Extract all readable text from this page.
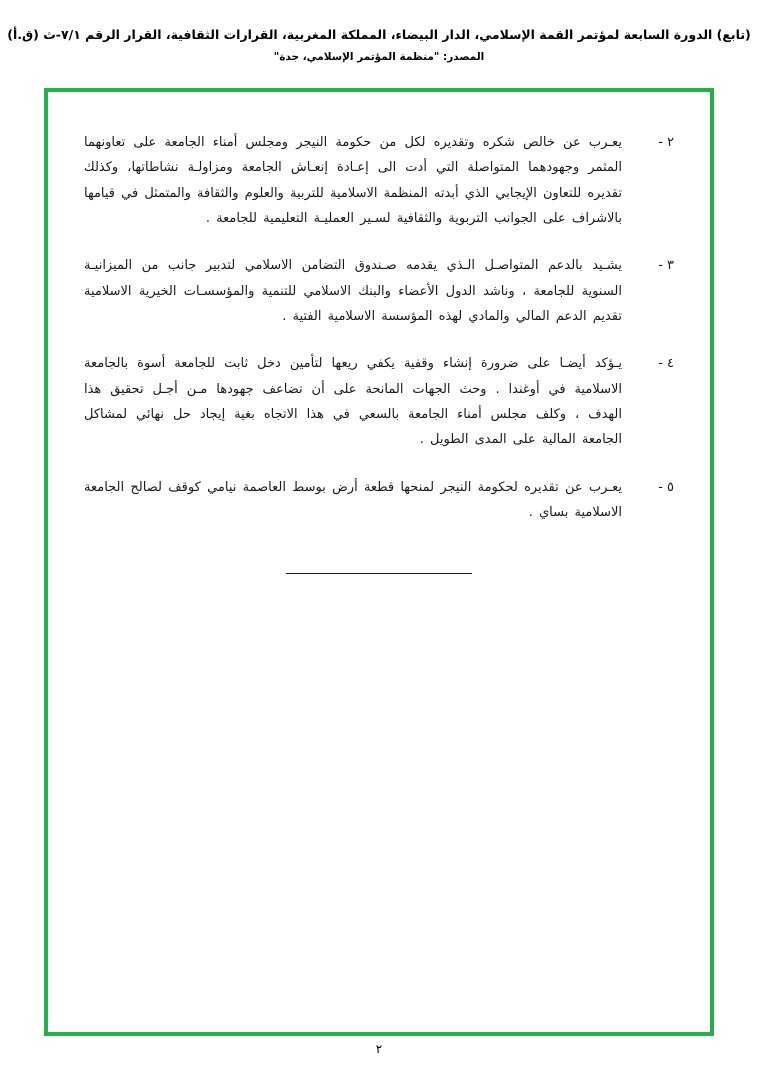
(تابع) الدورة السابعة لمؤتمر القمة الإسلامي، الدار البيضاء، المملكة المغربية، القرارات الثقافية، القرار الرقم ٧/١-ث (ق.أ)
المصدر: "منظمة المؤتمر الإسلامي، جدة"
٢ -
يعـرب عن خالص شكره وتقديره لكل من حكومة النيجر ومجلس أمناء الجامعة على تعاونهما المثمر وجهودهما المتواصلة التي أدت الى إعـادة إنعـاش الجامعة ومزاولـة نشاطاتها، وكذلك تقديره للتعاون الإيجابي الذي أبدته المنظمة الاسلامية للتربية والعلوم والثقافة والمتمثل في قيامها بالاشراف على الجوانب التربوية والثقافية لسـير العمليـة التعليمية للجامعة .
٣ -
يشـيد بالدعم المتواصـل الـذي يقدمه صـندوق التضامن الاسلامي لتدبير جانب من الميزانيـة السنوية للجامعة ، وناشد الدول الأعضاء والبنك الاسلامي للتنمية والمؤسسـات الخيرية الاسلامية تقديم الدعم المالي والمادي لهذه المؤسسة الاسلامية الفتية .
٤ -
يـؤكد أيضـا على ضرورة إنشاء وقفية يكفي ريعها لتأمين دخل ثابت للجامعة أسوة بالجامعة الاسلامية في أوغندا . وحث الجهات المانحة على أن تضاعف جهودها مـن أجـل تحقيق هذا الهدف ، وكلف مجلس أمناء الجامعة بالسعي في هذا الاتجاه بغية إيجاد حل نهائي لمشاكل الجامعة المالية على المدى الطويل .
٥ -
يعـرب عن تقديره لحكومة النيجر لمنحها قطعة أرض بوسط العاصمة نيامي كوقف لصالح الجامعة الاسلامية بساي .
٢
